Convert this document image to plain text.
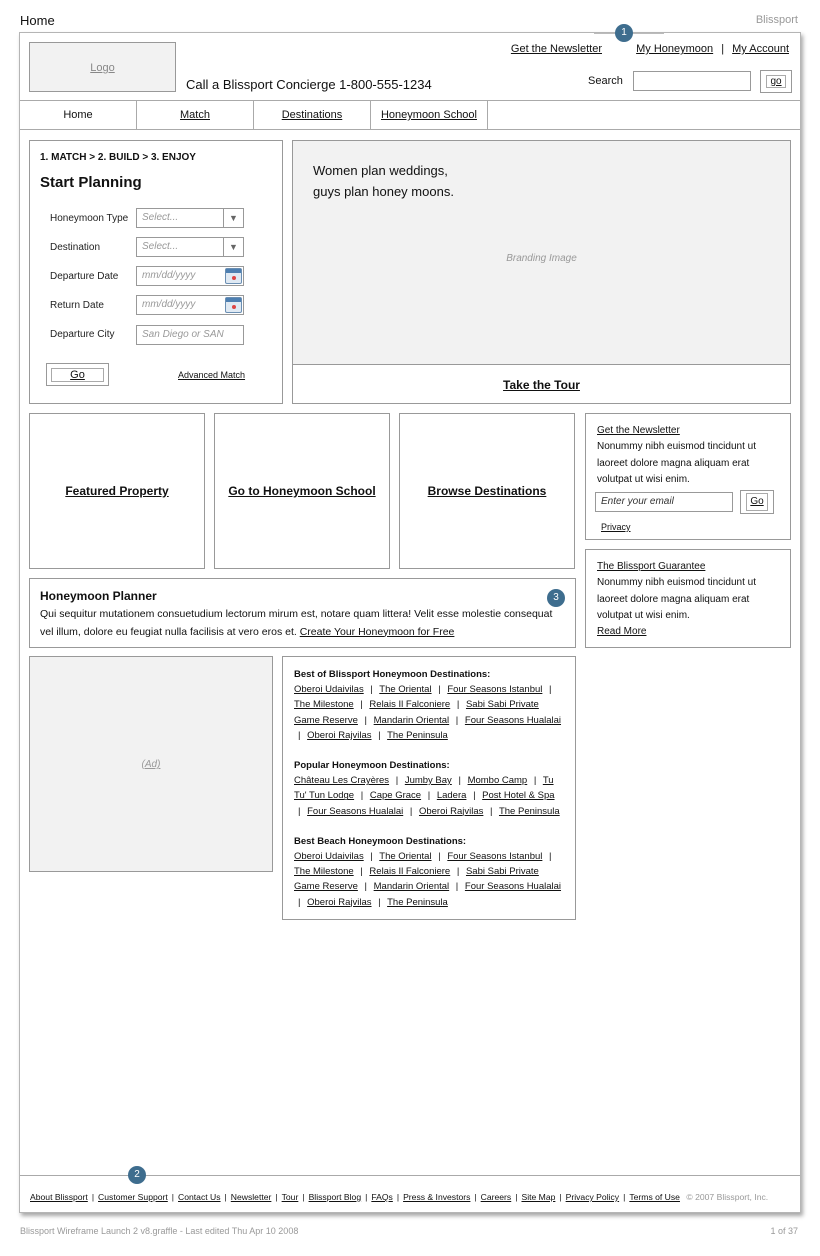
Home	Blissport
Logo
Call a Blissport Concierge 1-800-555-1234
1
Get the Newsletter	My Honeymoon | My Account
Search	go
Home	Match	Destinations	Honeymoon School
1. MATCH > 2. BUILD > 3. ENJOY
Start Planning
Honeymoon Type	Select...	▼
Destination	Select...	▼
Departure Date	mm/dd/yyyy
Return Date	mm/dd/yyyy
Departure City	San Diego or SAN
Go	Advanced Match
Women plan weddings,
guys plan honey moons.
Branding Image
Take the Tour
Featured Property	Go to Honeymoon School	Browse Destinations
Get the Newsletter
Nonummy nibh euismod tincidunt ut laoreet dolore magna aliquam erat volutpat ut wisi enim.
Enter your email	Go
Privacy
The Blissport Guarantee
Nonummy nibh euismod tincidunt ut laoreet dolore magna aliquam erat volutpat ut wisi enim.
Read More
Honeymoon Planner
Qui sequitur mutationem consuetudium lectorum mirum est, notare quam littera! Velit esse molestie consequat vel illum, dolore eu feugiat nulla facilisis at vero eros et. Create Your Honeymoon for Free
3
(Ad)
Best of Blissport Honeymoon Destinations:
Oberoi Udaivilas | The Oriental | Four Seasons Istanbul | The Milestone | Relais Il Falconiere | Sabi Sabi Private Game Reserve | Mandarin Oriental | Four Seasons Hualalai | Oberoi Rajvilas | The Peninsula
Popular Honeymoon Destinations:
Château Les Crayères | Jumby Bay | Mombo Camp | Tu Tu' Tun Lodge | Cape Grace | Ladera | Post Hotel & Spa | Four Seasons Hualalai | Oberoi Rajvilas | The Peninsula
Best Beach Honeymoon Destinations:
Oberoi Udaivilas | The Oriental | Four Seasons Istanbul | The Milestone | Relais Il Falconiere | Sabi Sabi Private Game Reserve | Mandarin Oriental | Four Seasons Hualalai | Oberoi Rajvilas | The Peninsula
2
About Blissport | Customer Support | Contact Us | Newsletter | Tour | Blissport Blog | FAQs | Press & Investors | Careers | Site Map | Privacy Policy | Terms of Use © 2007 Blissport, Inc.
Blissport Wireframe Launch 2 v8.graffle - Last edited Thu Apr 10 2008	1 of 37
